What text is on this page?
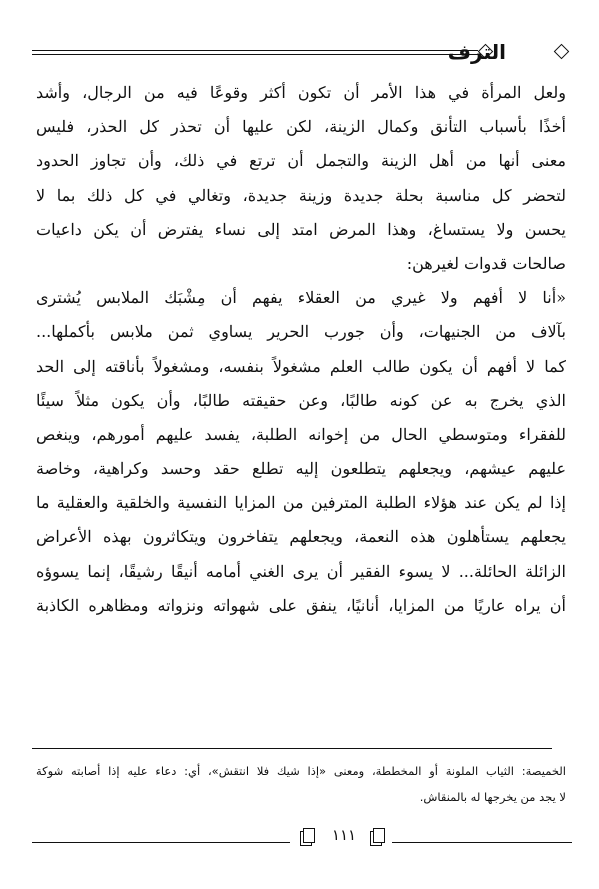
الترف
ولعل المرأة في هذا الأمر أن تكون أكثر وقوعًا فيه من الرجال، وأشد
أخذًا بأسباب التأنق وكمال الزينة، لكن عليها أن تحذر كل الحذر، فليس
معنى أنها من أهل الزينة والتجمل أن ترتع في ذلك، وأن تجاوز الحدود
لتحضر كل مناسبة بحلة جديدة وزينة جديدة، وتغالي في كل ذلك بما لا
يحسن ولا يستساغ، وهذا المرض امتد إلى نساء يفترض أن يكن داعيات
صالحات قدوات لغيرهن:
«أنا لا أفهم ولا غيري من العقلاء يفهم أن مِشْبَك الملابس يُشترى
بآلاف من الجنيهات، وأن جورب الحرير يساوي ثمن ملابس بأكملها...
كما لا أفهم أن يكون طالب العلم مشغولاً بنفسه، ومشغولاً بأناقته إلى الحد
الذي يخرج به عن كونه طالبًا، وعن حقيقته طالبًا، وأن يكون مثلاً سيئًا
للفقراء ومتوسطي الحال من إخوانه الطلبة، يفسد عليهم أمورهم، وينغص
عليهم عيشهم، ويجعلهم يتطلعون إليه تطلع حقد وحسد وكراهية، وخاصة
إذا لم يكن عند هؤلاء الطلبة المترفين من المزايا النفسية والخلقية والعقلية ما
يجعلهم يستأهلون هذه النعمة، ويجعلهم يتفاخرون ويتكاثرون بهذه الأعراض
الزائلة الحائلة... لا يسوء الفقير أن يرى الغني أمامه أنيقًا رشيقًا، إنما يسوؤه
أن يراه عاريًا من المزايا، أنانيًا، ينفق على شهواته ونزواته ومظاهره الكاذبة
الخميصة: الثياب الملونة أو المخططة، ومعنى «إذا شيك فلا انتقش»، أي: دعاء عليه إذا أصابته شوكة
لا يجد من يخرجها له بالمنقاش.
١١١
